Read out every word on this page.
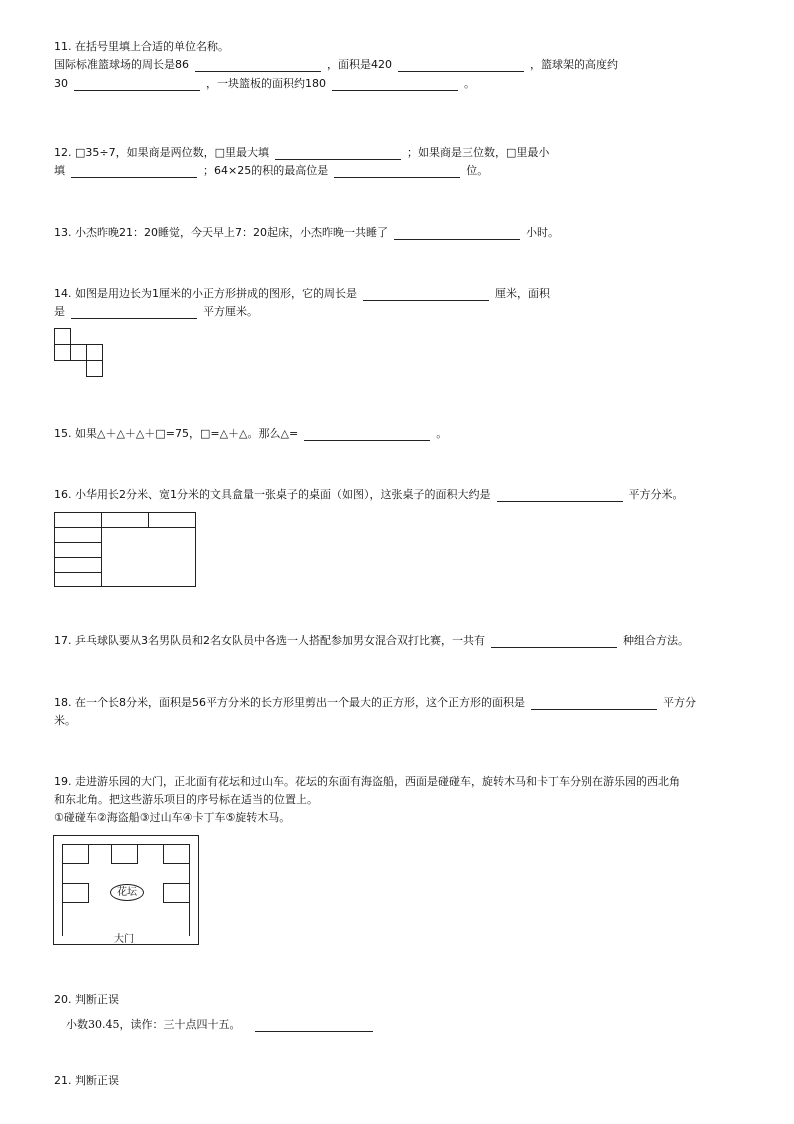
11. 在括号里填上合适的单位名称。
国际标准篮球场的周长是86	，面积是420	，篮球架的高度约
30	，一块篮板的面积约180	。
12. □35÷7，如果商是两位数，□里最大填	；如果商是三位数，□里最小
填	；64×25的积的最高位是	位。
13. 小杰昨晚21：20睡觉，今天早上7：20起床，小杰昨晚一共睡了	小时。
14. 如图是用边长为1厘米的小正方形拼成的图形，它的周长是	厘米，面积
是	平方厘米。
15. 如果△＋△＋△＋□=75，□=△＋△。那么△=	。
16. 小华用长2分米、宽1分米的文具盒量一张桌子的桌面（如图），这张桌子的面积大约是	平方分米。
17. 乒乓球队要从3名男队员和2名女队员中各选一人搭配参加男女混合双打比赛，一共有	种组合方法。
18. 在一个长8分米，面积是56平方分米的长方形里剪出一个最大的正方形，这个正方形的面积是	平方分
米。
19. 走进游乐园的大门，正北面有花坛和过山车。花坛的东面有海盗船，西面是碰碰车，旋转木马和卡丁车分别在游乐园的西北角
和东北角。把这些游乐项目的序号标在适当的位置上。
①碰碰车②海盗船③过山车④卡丁车⑤旋转木马。
花坛
大门
20. 判断正误
小数30.45，读作：三十点四十五。
21. 判断正误
